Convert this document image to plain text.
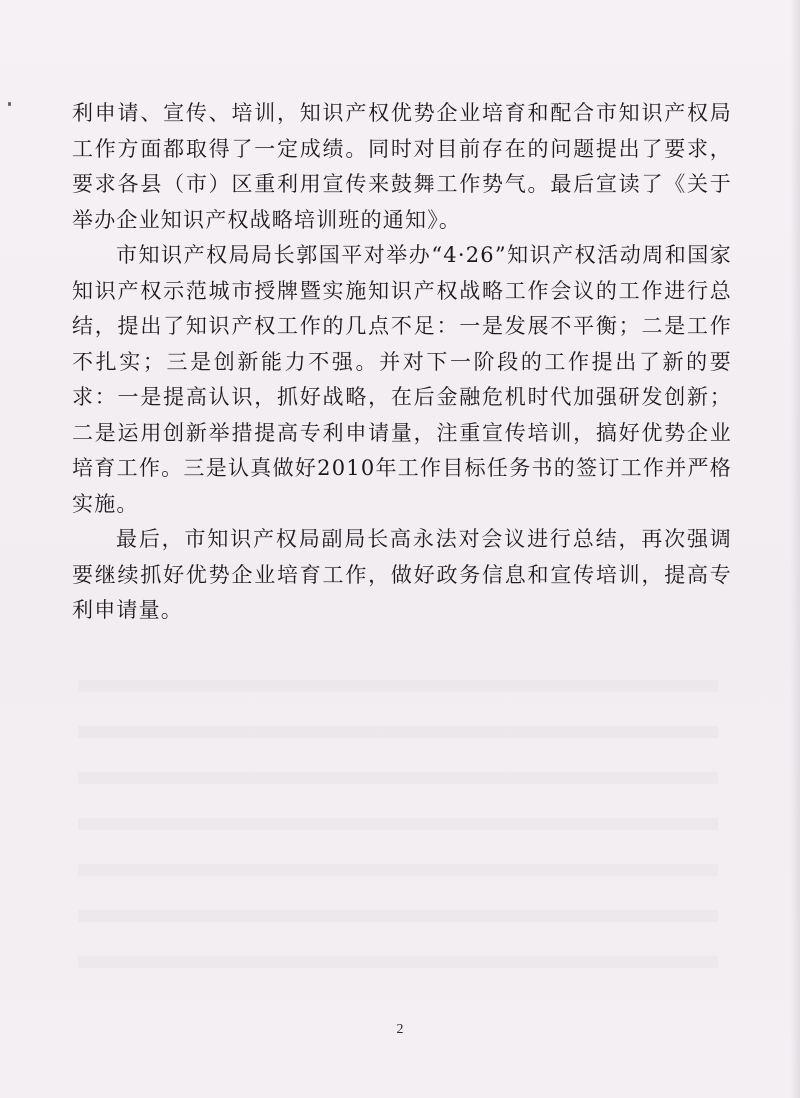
利申请、宣传、培训，知识产权优势企业培育和配合市知识产权局工作方面都取得了一定成绩。同时对目前存在的问题提出了要求，要求各县（市）区重利用宣传来鼓舞工作势气。最后宣读了《关于举办企业知识产权战略培训班的通知》。

市知识产权局局长郭国平对举办“4·26”知识产权活动周和国家知识产权示范城市授牌暨实施知识产权战略工作会议的工作进行总结，提出了知识产权工作的几点不足：一是发展不平衡；二是工作不扎实；三是创新能力不强。并对下一阶段的工作提出了新的要求：一是提高认识，抓好战略，在后金融危机时代加强研发创新；二是运用创新举措提高专利申请量，注重宣传培训，搞好优势企业培育工作。三是认真做好2010年工作目标任务书的签订工作并严格实施。

最后，市知识产权局副局长高永法对会议进行总结，再次强调要继续抓好优势企业培育工作，做好政务信息和宣传培训，提高专利申请量。

2
